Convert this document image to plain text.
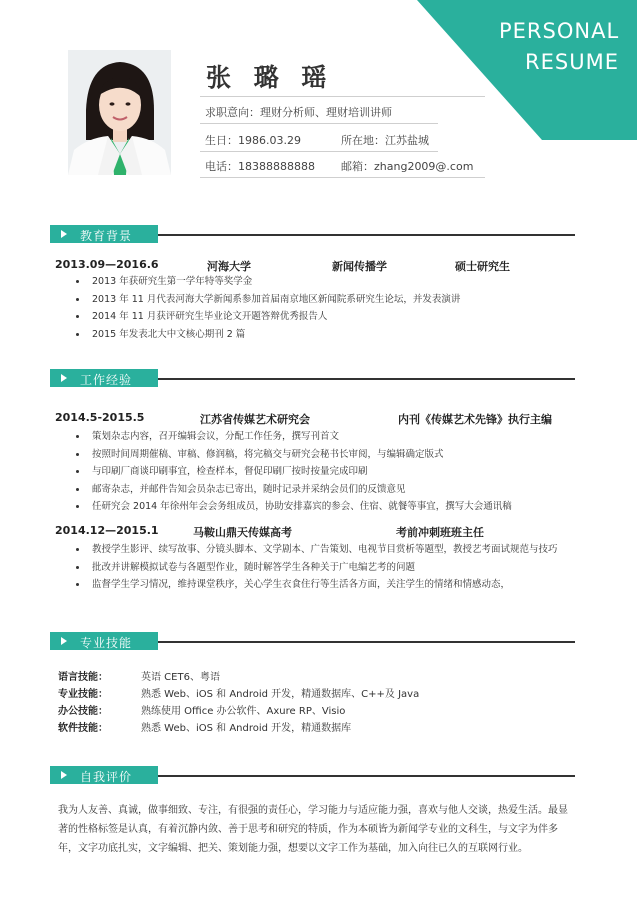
PERSONAL
RESUME
张 璐 瑶
求职意向：理财分析师、理财培训讲师
生日：1986.03.29	所在地：江苏盐城
电话：18388888888 邮箱：zhang2009@.com
教育背景
2013.09—2016.6	河海大学	新闻传播学	硕士研究生
2013 年获研究生第一学年特等奖学金
2013 年 11 月代表河海大学新闻系参加首届南京地区新闻院系研究生论坛，并发表演讲
2014 年 11 月获评研究生毕业论文开题答辩优秀报告人
2015 年发表北大中文核心期刊 2 篇
工作经验
2014.5-2015.5	江苏省传媒艺术研究会	内刊《传媒艺术先锋》执行主编
策划杂志内容，召开编辑会议，分配工作任务，撰写刊首文
按照时间周期催稿、审稿、修润稿，将完稿交与研究会秘书长审阅，与编辑确定版式
与印刷厂商谈印刷事宜，检查样本，督促印刷厂按时按量完成印刷
邮寄杂志，并邮件告知会员杂志已寄出，随时记录并采纳会员们的反馈意见
任研究会 2014 年徐州年会会务组成员，协助安排嘉宾的参会、住宿、就餐等事宜，撰写大会通讯稿
2014.12—2015.1	马鞍山鼎天传媒高考	考前冲刺班班主任
教授学生影评、续写故事、分镜头脚本、文学剧本、广告策划、电视节目赏析等题型，教授艺考面试规范与技巧
批改并讲解模拟试卷与各题型作业，随时解答学生各种关于广电编艺考的问题
监督学生学习情况，维持课堂秩序，关心学生衣食住行等生活各方面，关注学生的情绪和情感动态，
专业技能
语言技能：	英语 CET6、粤语
专业技能：	熟悉 Web、iOS 和 Android 开发，精通数据库、C++及 Java
办公技能：	熟练使用 Office 办公软件、Axure RP、Visio
软件技能：	熟悉 Web、iOS 和 Android 开发，精通数据库
自我评价
我为人友善、真诚，做事细致、专注，有很强的责任心，学习能力与适应能力强，喜欢与他人交谈，热爱生活。最显著的性格标签是认真，有着沉静内敛、善于思考和研究的特质，作为本硕皆为新闻学专业的文科生，与文字为伴多年，文字功底扎实，文字编辑、把关、策划能力强，想要以文字工作为基础，加入向往已久的互联网行业。
